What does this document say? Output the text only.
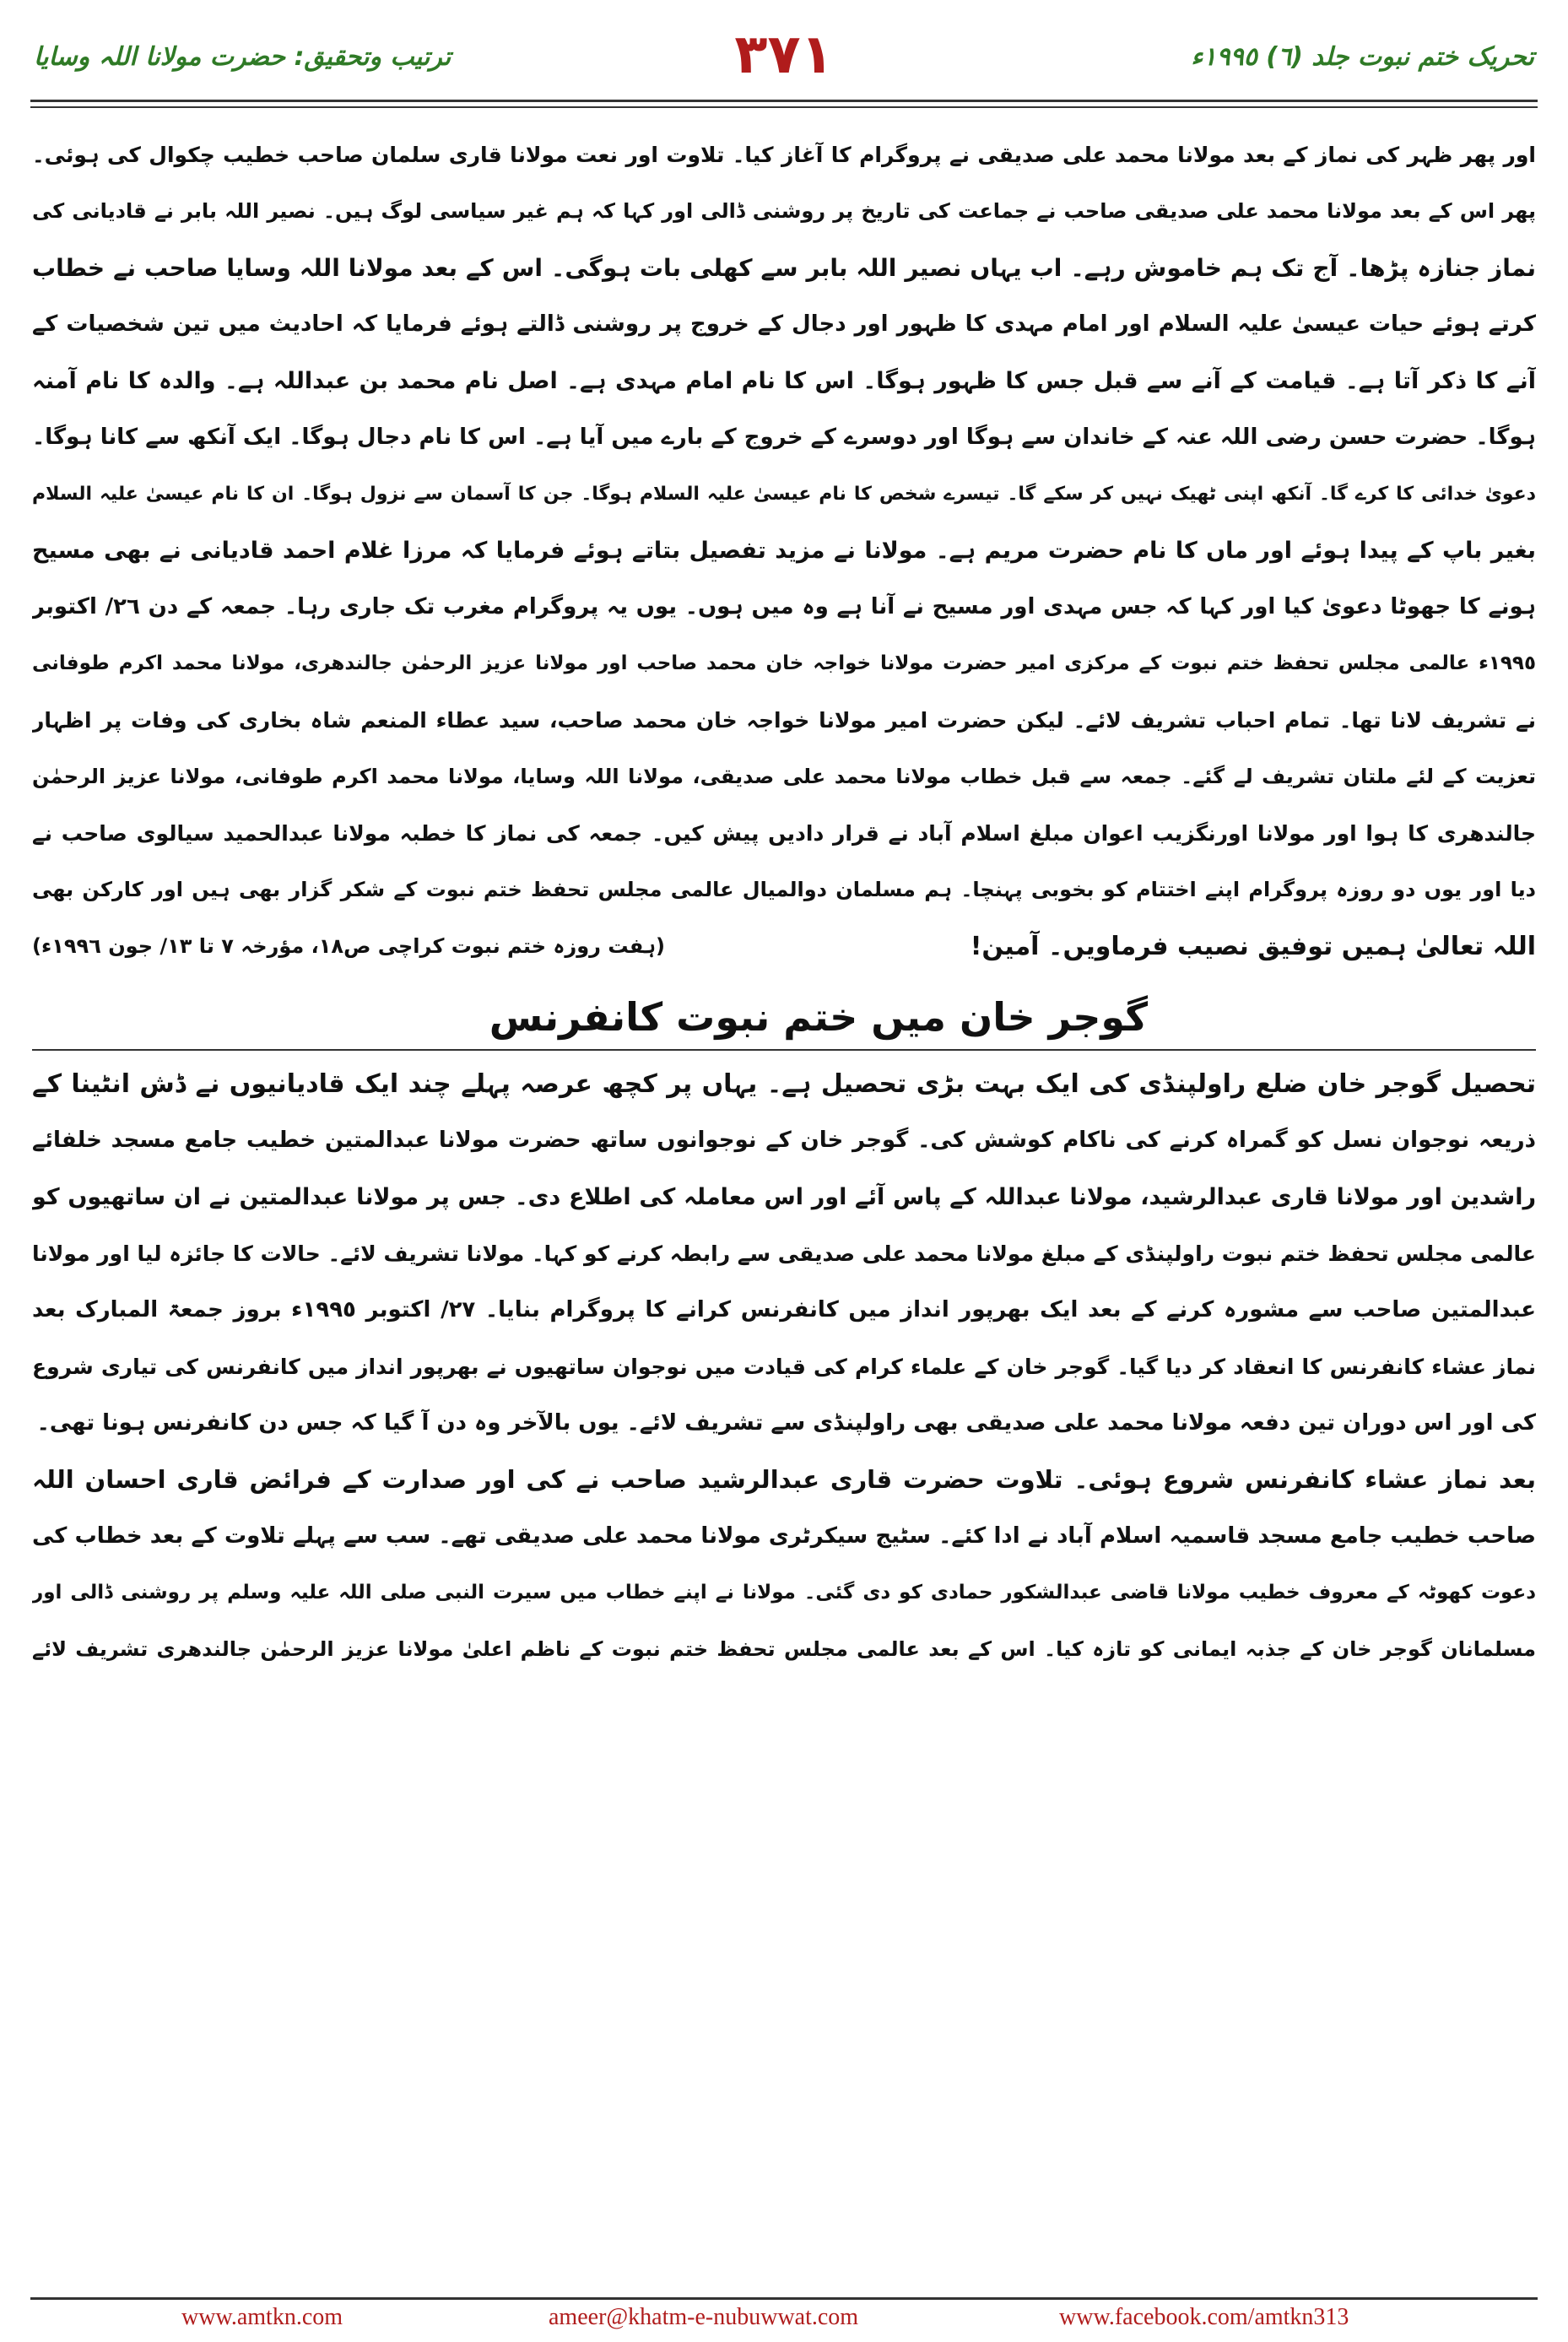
ترتیب وتحقیق: حضرت مولانا اللہ وسایا	٣٧١	تحریک ختم نبوت جلد (٦) ١٩٩٥ء
اور پھر ظہر کی نماز کے بعد مولانا محمد علی صدیقی نے پروگرام کا آغاز کیا۔ تلاوت اور نعت مولانا قاری سلمان صاحب خطیب چکوال کی ہوئی۔
پھر اس کے بعد مولانا محمد علی صدیقی صاحب نے جماعت کی تاریخ پر روشنی ڈالی اور کہا کہ ہم غیر سیاسی لوگ ہیں۔ نصیر اللہ بابر نے قادیانی کی
نماز جنازہ پڑھا۔ آج تک ہم خاموش رہے۔ اب یہاں نصیر اللہ بابر سے کھلی بات ہوگی۔ اس کے بعد مولانا اللہ وسایا صاحب نے خطاب
کرتے ہوئے حیات عیسیٰ علیہ السلام اور امام مہدی کا ظہور اور دجال کے خروج پر روشنی ڈالتے ہوئے فرمایا کہ احادیث میں تین شخصیات کے
آنے کا ذکر آتا ہے۔ قیامت کے آنے سے قبل جس کا ظہور ہوگا۔ اس کا نام امام مہدی ہے۔ اصل نام محمد بن عبداللہ ہے۔ والدہ کا نام آمنہ
ہوگا۔ حضرت حسن رضی اللہ عنہ کے خاندان سے ہوگا اور دوسرے کے خروج کے بارے میں آیا ہے۔ اس کا نام دجال ہوگا۔ ایک آنکھ سے کانا ہوگا۔
دعویٰ خدائی کا کرے گا۔ آنکھ اپنی ٹھیک نہیں کر سکے گا۔ تیسرے شخص کا نام عیسیٰ علیہ السلام ہوگا۔ جن کا آسمان سے نزول ہوگا۔ ان کا نام عیسیٰ علیہ السلام
بغیر باپ کے پیدا ہوئے اور ماں کا نام حضرت مریم ہے۔ مولانا نے مزید تفصیل بتاتے ہوئے فرمایا کہ مرزا غلام احمد قادیانی نے بھی مسیح
ہونے کا جھوٹا دعویٰ کیا اور کہا کہ جس مہدی اور مسیح نے آنا ہے وہ میں ہوں۔ یوں یہ پروگرام مغرب تک جاری رہا۔ جمعہ کے دن ٢٦/ اکتوبر
١٩٩٥ء عالمی مجلس تحفظ ختم نبوت کے مرکزی امیر حضرت مولانا خواجہ خان محمد صاحب اور مولانا عزیز الرحمٰن جالندھری، مولانا محمد اکرم طوفانی
نے تشریف لانا تھا۔ تمام احباب تشریف لائے۔ لیکن حضرت امیر مولانا خواجہ خان محمد صاحب، سید عطاء المنعم شاہ بخاری کی وفات پر اظہار
تعزیت کے لئے ملتان تشریف لے گئے۔ جمعہ سے قبل خطاب مولانا محمد علی صدیقی، مولانا اللہ وسایا، مولانا محمد اکرم طوفانی، مولانا عزیز الرحمٰن
جالندھری کا ہوا اور مولانا اورنگزیب اعوان مبلغ اسلام آباد نے قرار دادیں پیش کیں۔ جمعہ کی نماز کا خطبہ مولانا عبدالحمید سیالوی صاحب نے
دیا اور یوں دو روزہ پروگرام اپنے اختتام کو بخوبی پہنچا۔ ہم مسلمان دوالمیال عالمی مجلس تحفظ ختم نبوت کے شکر گزار بھی ہیں اور کارکن بھی
اللہ تعالیٰ ہمیں توفیق نصیب فرماویں۔ آمین!
(ہفت روزہ ختم نبوت کراچی ص١٨، مؤرخہ ٧ تا ١٣/ جون ١٩٩٦ء)
گوجر خان میں ختم نبوت کانفرنس
تحصیل گوجر خان ضلع راولپنڈی کی ایک بہت بڑی تحصیل ہے۔ یہاں پر کچھ عرصہ پہلے چند ایک قادیانیوں نے ڈش انٹینا کے
ذریعہ نوجوان نسل کو گمراہ کرنے کی ناکام کوشش کی۔ گوجر خان کے نوجوانوں ساتھ حضرت مولانا عبدالمتین خطیب جامع مسجد خلفائے
راشدین اور مولانا قاری عبدالرشید، مولانا عبداللہ کے پاس آئے اور اس معاملہ کی اطلاع دی۔ جس پر مولانا عبدالمتین نے ان ساتھیوں کو
عالمی مجلس تحفظ ختم نبوت راولپنڈی کے مبلغ مولانا محمد علی صدیقی سے رابطہ کرنے کو کہا۔ مولانا تشریف لائے۔ حالات کا جائزہ لیا اور مولانا
عبدالمتین صاحب سے مشورہ کرنے کے بعد ایک بھرپور انداز میں کانفرنس کرانے کا پروگرام بنایا۔ ٢٧/ اکتوبر ١٩٩٥ء بروز جمعۃ المبارک بعد
نماز عشاء کانفرنس کا انعقاد کر دیا گیا۔ گوجر خان کے علماء کرام کی قیادت میں نوجوان ساتھیوں نے بھرپور انداز میں کانفرنس کی تیاری شروع
کی اور اس دوران تین دفعہ مولانا محمد علی صدیقی بھی راولپنڈی سے تشریف لائے۔ یوں بالآخر وہ دن آ گیا کہ جس دن کانفرنس ہونا تھی۔
بعد نماز عشاء کانفرنس شروع ہوئی۔ تلاوت حضرت قاری عبدالرشید صاحب نے کی اور صدارت کے فرائض قاری احسان اللہ
صاحب خطیب جامع مسجد قاسمیہ اسلام آباد نے ادا کئے۔ سٹیج سیکرٹری مولانا محمد علی صدیقی تھے۔ سب سے پہلے تلاوت کے بعد خطاب کی
دعوت کھوٹہ کے معروف خطیب مولانا قاضی عبدالشکور حمادی کو دی گئی۔ مولانا نے اپنے خطاب میں سیرت النبی صلی اللہ علیہ وسلم پر روشنی ڈالی اور
مسلمانان گوجر خان کے جذبہ ایمانی کو تازہ کیا۔ اس کے بعد عالمی مجلس تحفظ ختم نبوت کے ناظم اعلیٰ مولانا عزیز الرحمٰن جالندھری تشریف لائے
www.amtkn.com	ameer@khatm-e-nubuwwat.com	www.facebook.com/amtkn313
